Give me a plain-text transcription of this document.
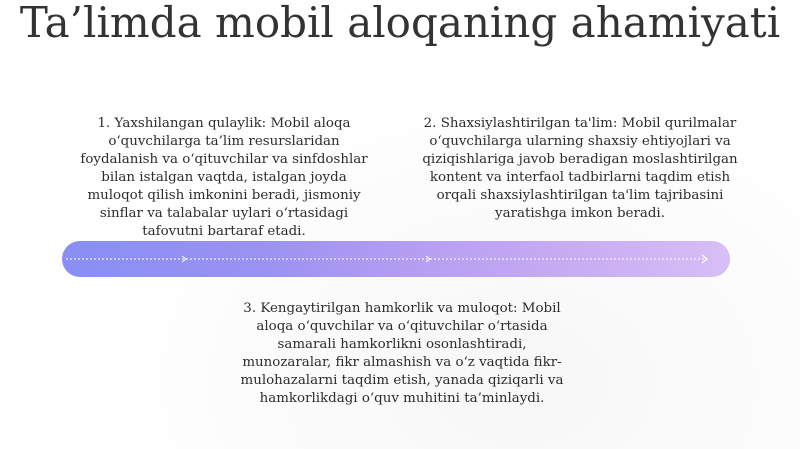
Ta’limda mobil aloqaning ahamiyati
1. Yaxshilangan qulaylik: Mobil aloqa o‘quvchilarga ta’lim resurslaridan foydalanish va o‘qituvchilar va sinfdoshlar bilan istalgan vaqtda, istalgan joyda muloqot qilish imkonini beradi, jismoniy sinflar va talabalar uylari o‘rtasidagi tafovutni bartaraf etadi.
2. Shaxsiylashtirilgan ta'lim: Mobil qurilmalar o‘quvchilarga ularning shaxsiy ehtiyojlari va qiziqishlariga javob beradigan moslashtirilgan kontent va interfaol tadbirlarni taqdim etish orqali shaxsiylashtirilgan ta'lim tajribasini yaratishga imkon beradi.
3. Kengaytirilgan hamkorlik va muloqot: Mobil aloqa o‘quvchilar va o‘qituvchilar o‘rtasida samarali hamkorlikni osonlashtiradi, munozaralar, fikr almashish va o‘z vaqtida fikr-mulohazalarni taqdim etish, yanada qiziqarli va hamkorlikdagi o‘quv muhitini ta’minlaydi.
